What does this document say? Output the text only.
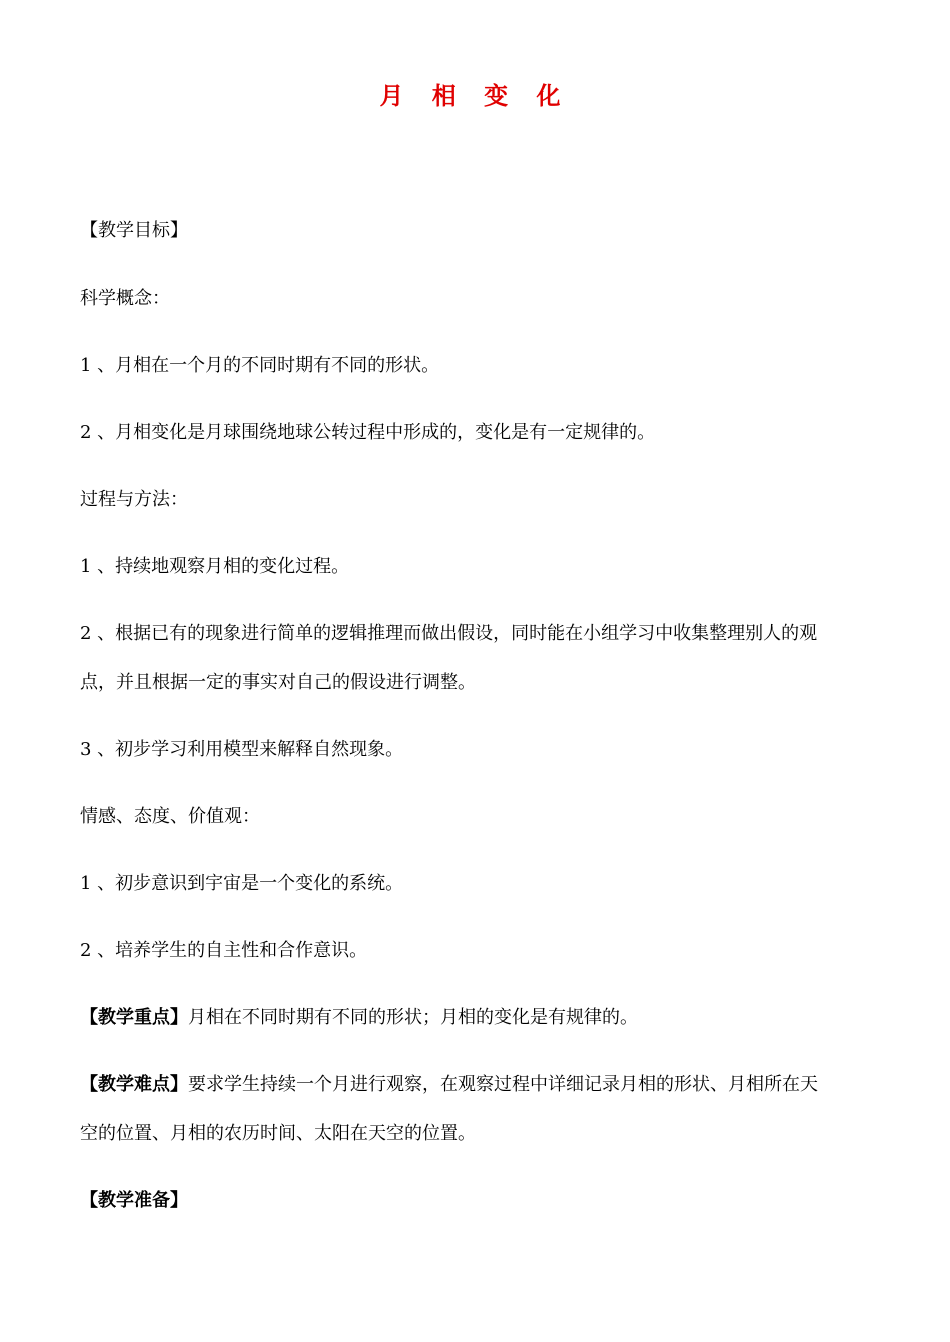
月 相 变 化
【教学目标】
科学概念：
1 、月相在一个月的不同时期有不同的形状。
2 、月相变化是月球围绕地球公转过程中形成的，变化是有一定规律的。
过程与方法：
1 、持续地观察月相的变化过程。
2 、根据已有的现象进行简单的逻辑推理而做出假设，同时能在小组学习中收集整理别人的观
点，并且根据一定的事实对自己的假设进行调整。
3 、初步学习利用模型来解释自然现象。
情感、态度、价值观：
1 、初步意识到宇宙是一个变化的系统。
2 、培养学生的自主性和合作意识。
【教学重点】月相在不同时期有不同的形状；月相的变化是有规律的。
【教学难点】要求学生持续一个月进行观察，在观察过程中详细记录月相的形状、月相所在天
空的位置、月相的农历时间、太阳在天空的位置。
【教学准备】
